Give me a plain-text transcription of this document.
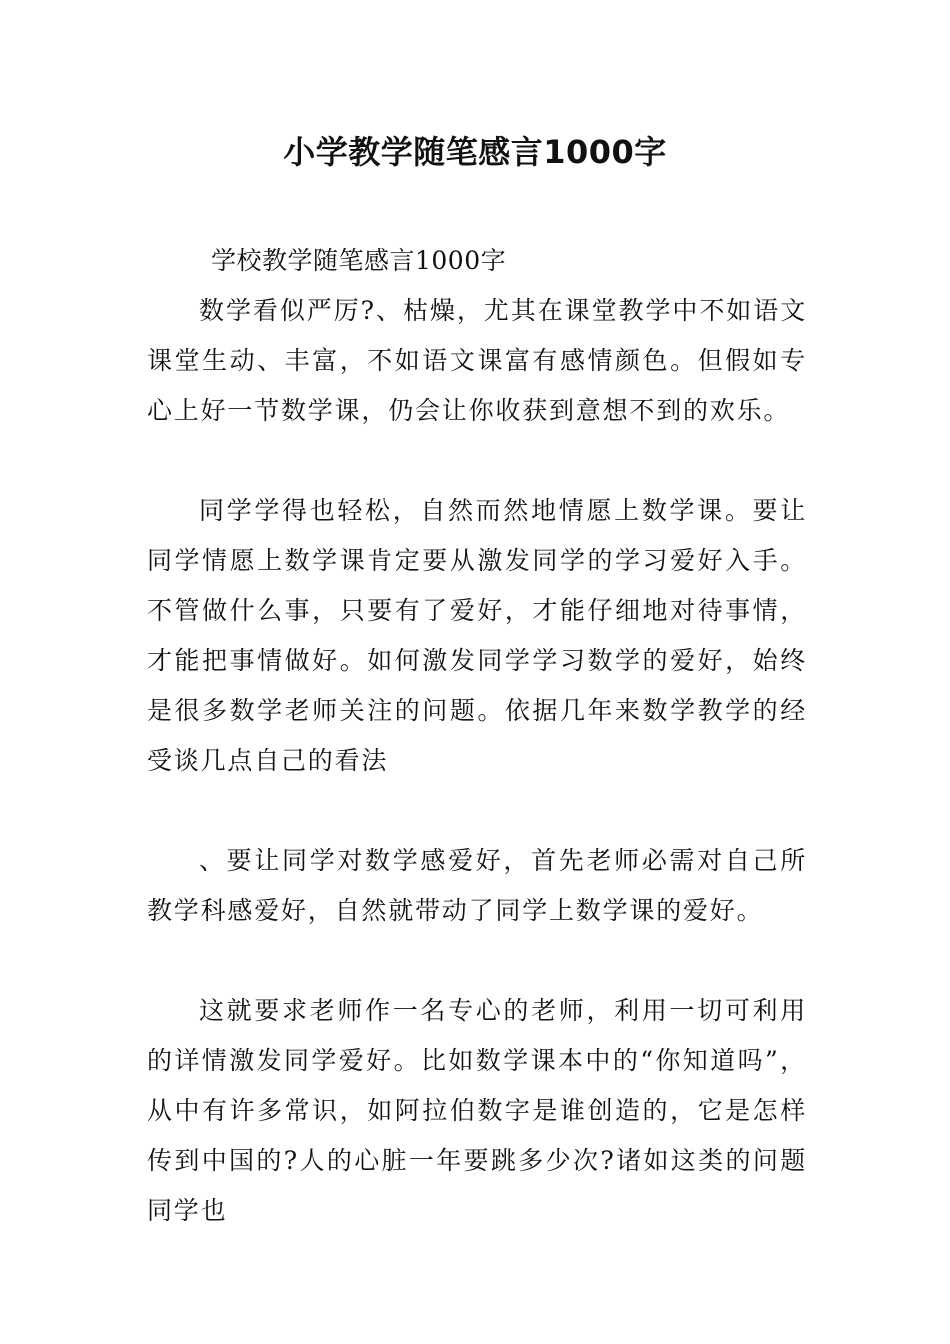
小学教学随笔感言1000字

学校教学随笔感言1000字

数学看似严厉?、枯燥，尤其在课堂教学中不如语文课堂生动、丰富，不如语文课富有感情颜色。但假如专心上好一节数学课，仍会让你收获到意想不到的欢乐。

同学学得也轻松，自然而然地情愿上数学课。要让同学情愿上数学课肯定要从激发同学的学习爱好入手。不管做什么事，只要有了爱好，才能仔细地对待事情，才能把事情做好。如何激发同学学习数学的爱好，始终是很多数学老师关注的问题。依据几年来数学教学的经受谈几点自己的看法

、要让同学对数学感爱好，首先老师必需对自己所教学科感爱好，自然就带动了同学上数学课的爱好。

这就要求老师作一名专心的老师，利用一切可利用的详情激发同学爱好。比如数学课本中的“你知道吗”，从中有许多常识，如阿拉伯数字是谁创造的，它是怎样传到中国的?人的心脏一年要跳多少次?诸如这类的问题同学也
